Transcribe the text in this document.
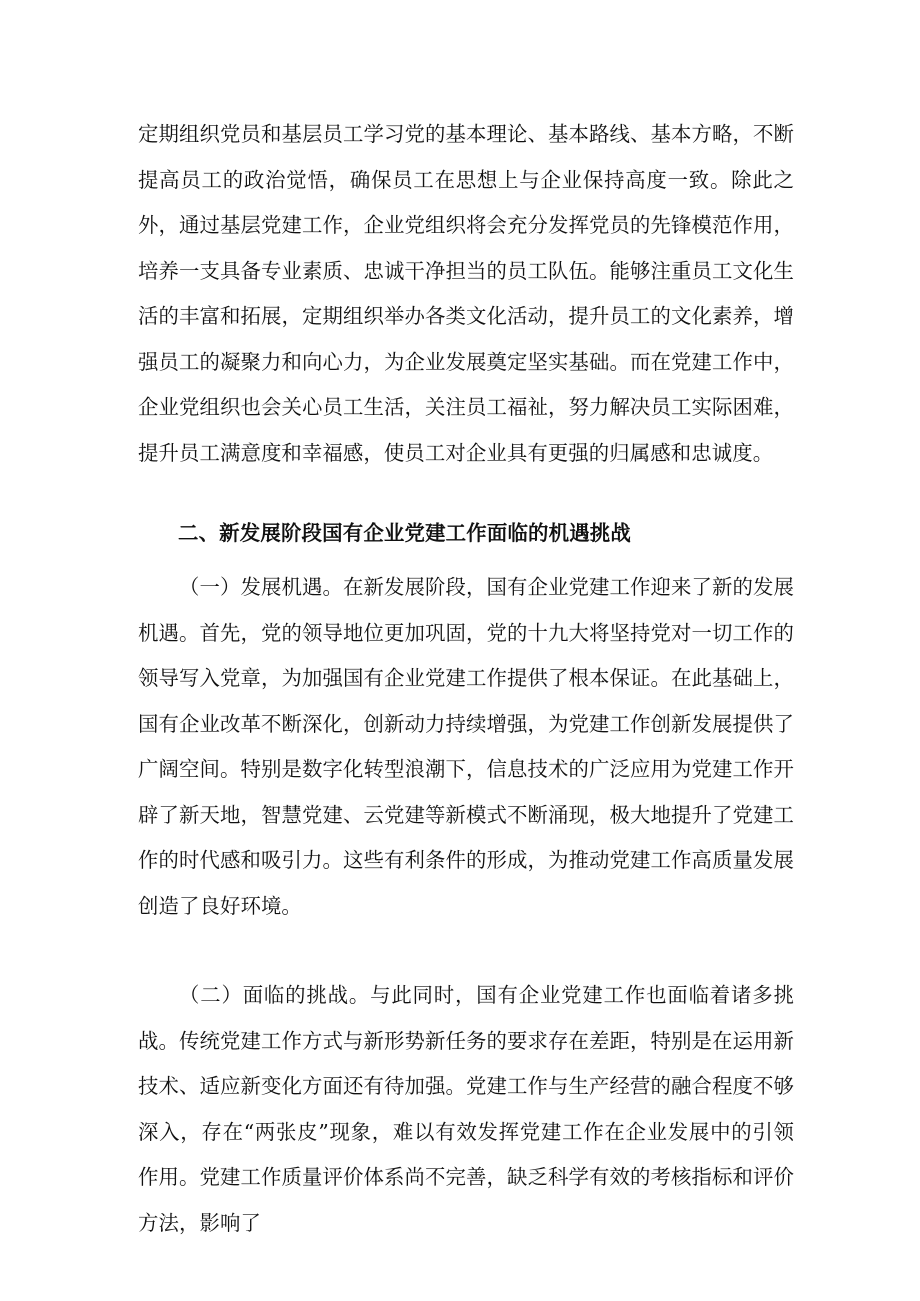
定期组织党员和基层员工学习党的基本理论、基本路线、基本方略，不断提高员工的政治觉悟，确保员工在思想上与企业保持高度一致。除此之外，通过基层党建工作，企业党组织将会充分发挥党员的先锋模范作用，培养一支具备专业素质、忠诚干净担当的员工队伍。能够注重员工文化生活的丰富和拓展，定期组织举办各类文化活动，提升员工的文化素养，增强员工的凝聚力和向心力，为企业发展奠定坚实基础。而在党建工作中，企业党组织也会关心员工生活，关注员工福祉，努力解决员工实际困难，提升员工满意度和幸福感，使员工对企业具有更强的归属感和忠诚度。

二、新发展阶段国有企业党建工作面临的机遇挑战

（一）发展机遇。在新发展阶段，国有企业党建工作迎来了新的发展机遇。首先，党的领导地位更加巩固，党的十九大将坚持党对一切工作的领导写入党章，为加强国有企业党建工作提供了根本保证。在此基础上，国有企业改革不断深化，创新动力持续增强，为党建工作创新发展提供了广阔空间。特别是数字化转型浪潮下，信息技术的广泛应用为党建工作开辟了新天地，智慧党建、云党建等新模式不断涌现，极大地提升了党建工作的时代感和吸引力。这些有利条件的形成，为推动党建工作高质量发展创造了良好环境。

（二）面临的挑战。与此同时，国有企业党建工作也面临着诸多挑战。传统党建工作方式与新形势新任务的要求存在差距，特别是在运用新技术、适应新变化方面还有待加强。党建工作与生产经营的融合程度不够深入，存在“两张皮”现象，难以有效发挥党建工作在企业发展中的引领作用。党建工作质量评价体系尚不完善，缺乏科学有效的考核指标和评价方法，影响了
